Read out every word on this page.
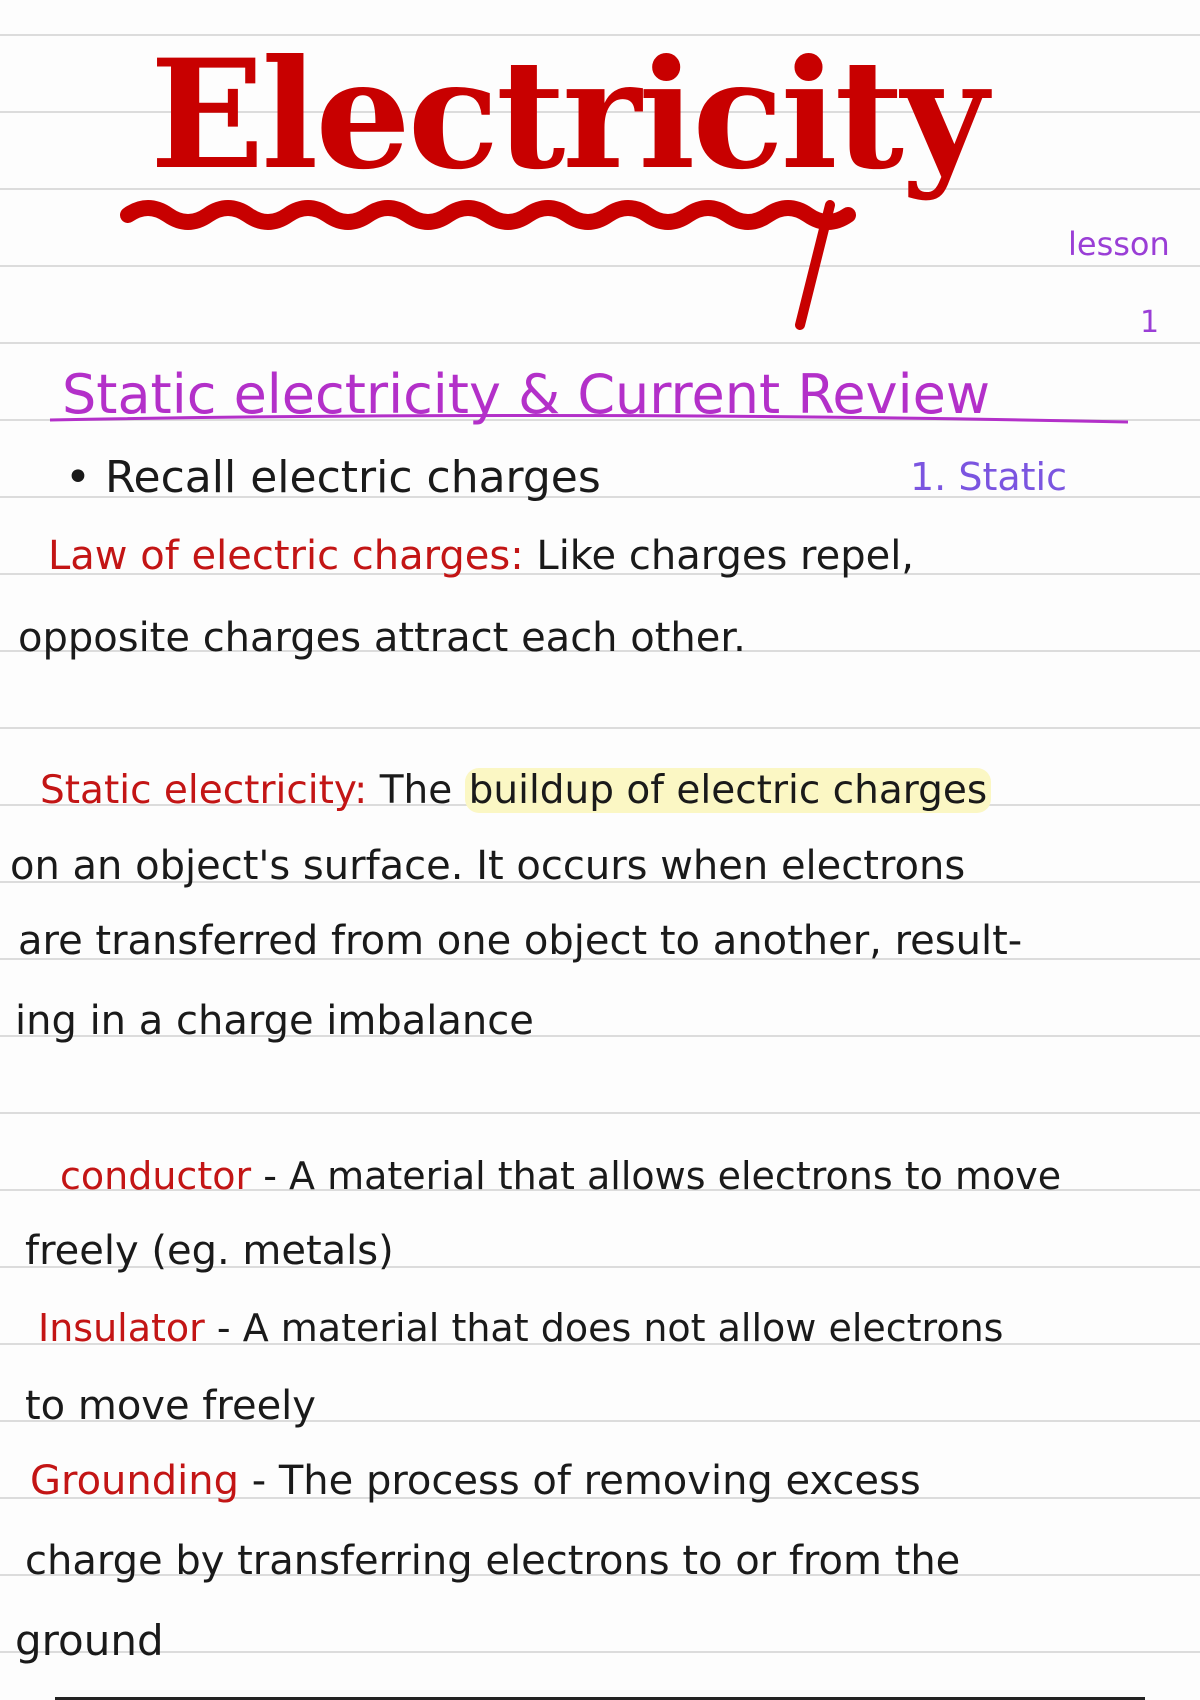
Electricity
lesson
1
Static electricity & Current Review
• Recall electric charges	1. Static
Law of electric charges: Like charges repel,
opposite charges attract each other.
Static electricity: The buildup of electric charges
on an object's surface. It occurs when electrons
are transferred from one object to another, result-
ing in a charge imbalance
conductor - A material that allows electrons to move
freely (eg. metals)
Insulator - A material that does not allow electrons
to move freely
Grounding - The process of removing excess
charge by transferring electrons to or from the
ground
